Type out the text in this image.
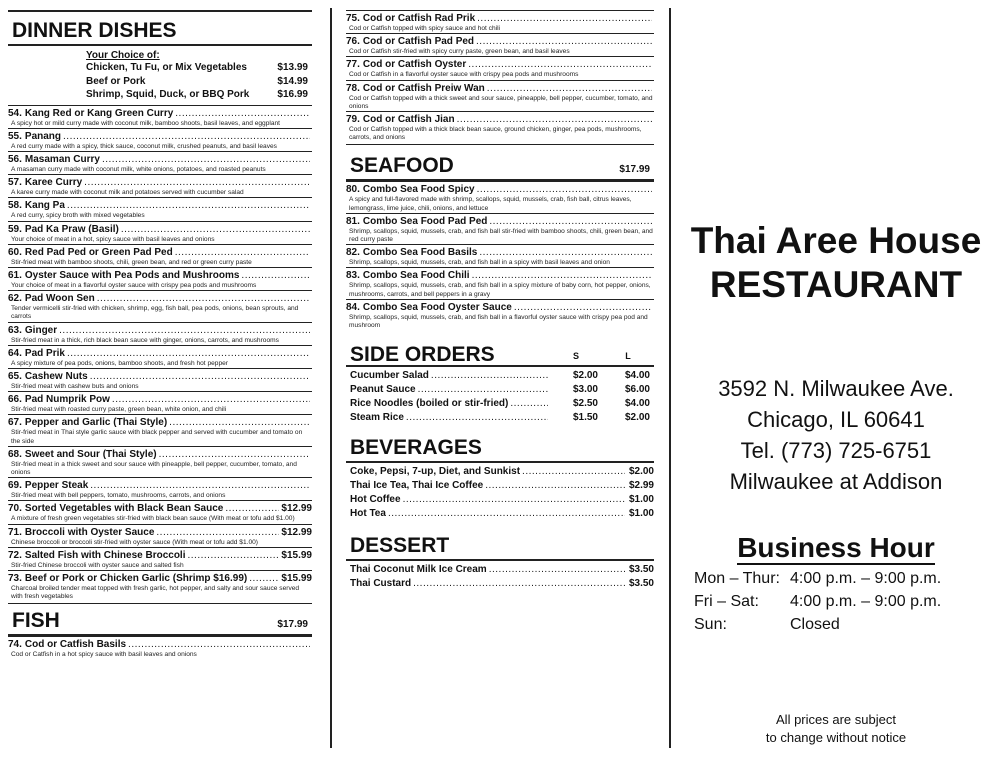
DINNER DISHES
Your Choice of:
Chicken, Tu Fu, or Mix Vegetables	$13.99
Beef or Pork	$14.99
Shrimp, Squid, Duck, or BBQ Pork	$16.99
54. Kang Red or Kang Green Curry
.....
A spicy hot or mild curry made with coconut milk, bamboo shoots, basil leaves, and eggplant
55. Panang
.....
A red curry made with a spicy, thick sauce, coconut milk, crushed peanuts, and basil leaves
56. Masaman Curry
.....
A masaman curry made with coconut milk, white onions, potatoes, and roasted peanuts
57. Karee Curry
.....
A karee curry made with coconut milk and potatoes served with cucumber salad
58. Kang Pa
.....
A red curry, spicy broth with mixed vegetables
59. Pad Ka Praw (Basil)
.....
Your choice of meat in a hot, spicy sauce with basil leaves and onions
60. Red Pad Ped or Green Pad Ped
.....
Stir-fried meat with bamboo shoots, chili, green bean, and red or green curry paste
61. Oyster Sauce with Pea Pods and Mushrooms
.....
Your choice of meat in a flavorful oyster sauce with crispy pea pods and mushrooms
62. Pad Woon Sen
.....
Tender vermicelli stir-fried with chicken, shrimp, egg, fish ball, pea pods, onions, bean sprouts, and carrots
63. Ginger
.....
Stir-fried meat in a thick, rich black bean sauce with ginger, onions, carrots, and mushrooms
64. Pad Prik
.....
A spicy mixture of pea pods, onions, bamboo shoots, and fresh hot pepper
65. Cashew Nuts
.....
Stir-fried meat with cashew buts and onions
66. Pad Numprik Pow
.....
Stir-fried meat with roasted curry paste, green bean, white onion, and chili
67. Pepper and Garlic (Thai Style)
.....
Stir-fried meat in Thai style garlic sauce with black pepper and served with cucumber and tomato on the side
68. Sweet and Sour (Thai Style)
.....
Stir-fried meat in a thick sweet and sour sauce with pineapple, bell pepper, cucumber, tomato, and onions
69. Pepper Steak
.....
Stir-fried meat with bell peppers, tomato, mushrooms, carrots, and onions
70. Sorted Vegetables with Black Bean Sauce .....	$12.99
A mixture of fresh green vegetables stir-fried with black bean sauce (With meat or tofu add $1.00)
71. Broccoli with Oyster Sauce .....	$12.99
Chinese broccoli or broccoli stir-fried with oyster sauce (With meat or tofu add $1.00)
72. Salted Fish with Chinese Broccoli .....	$15.99
Stir-fried Chinese broccoli with oyster sauce and salted fish
73. Beef or Pork or Chicken Garlic (Shrimp $16.99) .....	$15.99
Charcoal broiled tender meat topped with fresh garlic, hot pepper, and salty and sour sauce served with fresh vegetables
FISH	$17.99
74. Cod or Catfish Basils
.....
Cod or Catfish in a hot spicy sauce with basil leaves and onions
75. Cod or Catfish Rad Prik
.....
Cod or Catfish topped with spicy sauce and hot chili
76. Cod or Catfish Pad Ped
.....
Cod or Catfish stir-fried with spicy curry paste, green bean, and basil leaves
77. Cod or Catfish Oyster
.....
Cod or Catfish in a flavorful oyster sauce with crispy pea pods and mushrooms
78. Cod or Catfish Preiw Wan
.....
Cod or Catfish topped with a thick sweet and sour sauce, pineapple, bell pepper, cucumber, tomato, and onions
79. Cod or Catfish Jian
.....
Cod or Catfish topped with a thick black bean sauce, ground chicken, ginger, pea pods, mushrooms, carrots, and onions
SEAFOOD	$17.99
80. Combo Sea Food Spicy
.....
A spicy and full-flavored made with shrimp, scallops, squid, mussels, crab, fish ball, citrus leaves, lemongrass, lime juice, chili, onions, and lettuce
81. Combo Sea Food Pad Ped
.....
Shrimp, scallops, squid, mussels, crab, and fish ball stir-fried with bamboo shoots, chili, green bean, and red curry paste
82. Combo Sea Food Basils
.....
Shrimp, scallops, squid, mussels, crab, and fish ball in a spicy with basil leaves and onion
83. Combo Sea Food Chili
.....
Shrimp, scallops, squid, mussels, crab, and fish ball in a spicy mixture of baby corn, hot pepper, onions, mushrooms, carrots, and bell peppers in a gravy
84. Combo Sea Food Oyster Sauce
.....
Shrimp, scallops, squid, mussels, crab, and fish ball in a flavorful oyster sauce with crispy pea pod and mushroom
SIDE ORDERS	S	L
Cucumber Salad .....	$2.00	$4.00
Peanut Sauce .....	$3.00	$6.00
Rice Noodles (boiled or stir-fried) .....	$2.50	$4.00
Steam Rice .....	$1.50	$2.00
BEVERAGES
Coke, Pepsi, 7-up, Diet, and Sunkist .....	$2.00
Thai Ice Tea, Thai Ice Coffee .....	$2.99
Hot Coffee .....	$1.00
Hot Tea .....	$1.00
DESSERT
Thai Coconut Milk Ice Cream .....	$3.50
Thai Custard .....	$3.50
Thai Aree House
RESTAURANT
3592 N. Milwaukee Ave.
Chicago, IL 60641
Tel. (773) 725-6751
Milwaukee at Addison
Business Hour
Mon – Thur: 4:00 p.m. – 9:00 p.m.
Fri – Sat:	4:00 p.m. – 9:00 p.m.
Sun:	Closed
All prices are subject
to change without notice
